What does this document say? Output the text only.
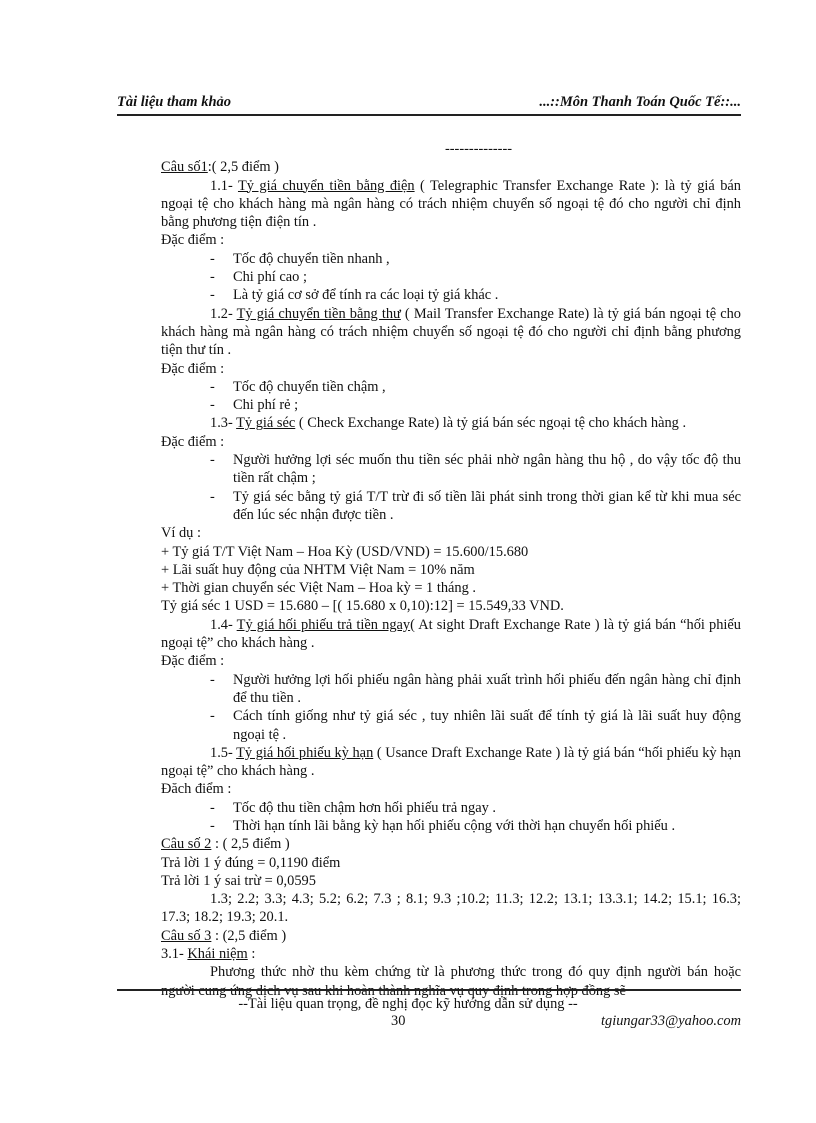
Tài liệu tham khảo	...::Môn Thanh Toán Quốc Tế::...

--------------

Câu số1:( 2,5 điểm )

1.1- Tỷ giá chuyển tiền bằng điện ( Telegraphic Transfer Exchange Rate ): là tỷ giá bán ngoại tệ cho khách hàng mà ngân hàng có trách nhiệm chuyển số ngoại tệ đó cho người chỉ định bằng phương tiện điện tín .

Đặc điểm :

- Tốc độ chuyển tiền nhanh ,

- Chi phí cao ;

- Là tỷ giá cơ sở để tính ra các loại tỷ giá khác .

1.2- Tỷ giá chuyển tiền bằng thư ( Mail Transfer Exchange Rate) là tỷ giá bán ngoại tệ cho khách hàng mà ngân hàng có trách nhiệm chuyển số ngoại tệ đó cho người chỉ định bằng phương tiện thư tín .

Đặc điểm :

- Tốc độ chuyển tiền chậm ,

- Chi phí rẻ ;

1.3- Tỷ giá séc ( Check Exchange Rate) là tỷ giá bán séc ngoại tệ cho khách hàng .

Đặc điểm :

- Người hưởng lợi séc muốn thu tiền séc phải nhờ ngân hàng thu hộ , do vậy tốc độ thu tiền rất chậm ;

- Tỷ giá séc bằng tỷ giá T/T trừ đi số tiền lãi phát sinh trong thời gian kể từ khi mua séc đến lúc séc nhận được tiền .

Ví dụ :

+ Tỷ giá T/T Việt Nam – Hoa Kỳ (USD/VND) = 15.600/15.680

+ Lãi suất huy động của NHTM Việt Nam = 10% năm

+ Thời gian chuyển séc Việt Nam – Hoa kỳ = 1 tháng .

Tỷ giá séc 1 USD = 15.680 – [( 15.680 x 0,10):12] = 15.549,33 VND.

1.4- Tỷ giá hối phiếu trả tiền ngay( At sight Draft Exchange Rate ) là tỷ giá bán “hối phiếu ngoại tệ” cho khách hàng .

Đặc điểm :

- Người hưởng lợi hối phiếu ngân hàng phải xuất trình hối phiếu đến ngân hàng chỉ định để thu tiền .

- Cách tính giống như tỷ giá séc , tuy nhiên lãi suất để tính tỷ giá là lãi suất huy động ngoại tệ .

1.5- Tỷ giá hối phiếu kỳ hạn ( Usance Draft Exchange Rate ) là tỷ giá bán “hối phiếu kỳ hạn ngoại tệ” cho khách hàng .

Đăch điểm :

- Tốc độ thu tiền chậm hơn hối phiếu trả ngay .

- Thời hạn tính lãi bằng kỳ hạn hối phiếu cộng với thời hạn chuyển hối phiếu .

Câu số 2 : ( 2,5 điểm )

Trả lời 1 ý đúng = 0,1190 điểm

Trả lời 1 ý sai trừ = 0,0595

1.3; 2.2; 3.3; 4.3; 5.2; 6.2; 7.3 ; 8.1; 9.3 ;10.2; 11.3; 12.2; 13.1; 13.3.1; 14.2; 15.1; 16.3; 17.3; 18.2; 19.3; 20.1.

Câu số 3 : (2,5 điểm )

3.1- Khái niệm :

Phương thức nhờ thu kèm chứng từ là phương thức trong đó quy định người bán hoặc người cung ứng dịch vụ sau khi hoàn thành nghĩa vụ quy định trong hợp đồng sẽ

--Tài liệu quan trọng, đề nghị đọc kỹ hướng dẫn sử dụng --
30	tgiungar33@yahoo.com
